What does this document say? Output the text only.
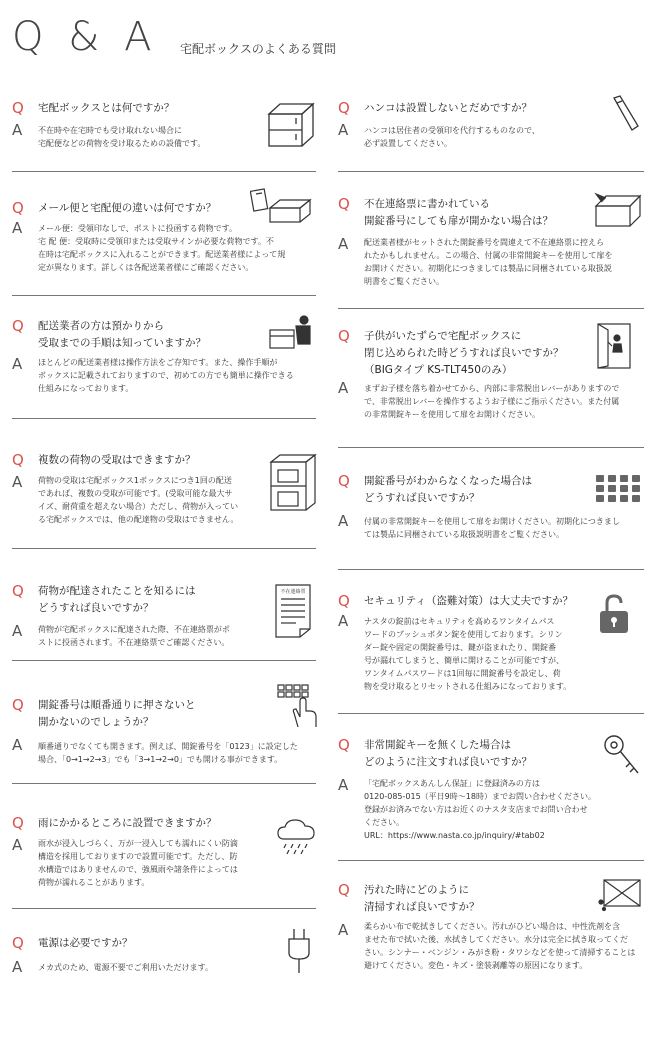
Q & A 宅配ボックスのよくある質問
Q 宅配ボックスとは何ですか？
A 不在時や在宅時でも受け取れない場合に
宅配便などの荷物を受け取るための設備です。
Q メール便と宅配便の違いは何ですか？
A メール便：受領印なしで、ポストに投函する荷物です。
宅 配 便：受取時に受領印または受取サインが必要な荷物です。不
在時は宅配ボックスに入れることができます。配送業者様によって規
定が異なります。詳しくは各配送業者様にご確認ください。
Q 配送業者の方は預かりから
受取までの手順は知っていますか？
A ほとんどの配送業者様は操作方法をご存知です。また、操作手順が
ボックスに記載されておりますので、初めての方でも簡単に操作できる
仕組みになっております。
Q 複数の荷物の受取はできますか？
A 荷物の受取は宅配ボックス1ボックスにつき1回の配送
であれば、複数の受取が可能です。(受取可能な最大サ
イズ、耐荷重を超えない場合）ただし、荷物が入ってい
る宅配ボックスでは、他の配達物の受取はできません。
Q 荷物が配達されたことを知るには
どうすれば良いですか？
A 荷物が宅配ボックスに配達された際、不在連絡票がポ
ストに投函されます。不在連絡票でご確認ください。
不在連絡票
Q 開錠番号は順番通りに押さないと
開かないのでしょうか？
A 順番通りでなくても開きます。例えば、開錠番号を「0123」に設定した
場合、「0→1→2→3」でも「3→1→2→0」でも開ける事ができます。
Q 雨にかかるところに設置できますか？
A 雨水が浸入しづらく、万が一浸入しても濡れにくい防滴
構造を採用しておりますので設置可能です。ただし、防
水構造ではありませんので、強風雨や諸条件によっては
荷物が濡れることがあります。
Q 電源は必要ですか？
A メカ式のため、電源不要でご利用いただけます。
Q ハンコは設置しないとだめですか？
A ハンコは居住者の受領印を代行するものなので、
必ず設置してください。
Q 不在連絡票に書かれている
開錠番号にしても扉が開かない場合は？
A 配送業者様がセットされた開錠番号を間違えて不在連絡票に控えら
れたかもしれません。この場合、付属の非常開錠キーを使用して扉を
お開けください。初期化につきましては製品に同梱されている取扱説
明書をご覧ください。
Q 子供がいたずらで宅配ボックスに
閉じ込められた時どうすれば良いですか？
（BIGタイプ KS-TLT450のみ）
A まずお子様を落ち着かせてから、内部に非常脱出レバーがありますので
で、非常脱出レバーを操作するようお子様にご指示ください。また付属
の非常開錠キーを使用して扉をお開けください。
Q 開錠番号がわからなくなった場合は
どうすれば良いですか？
A 付属の非常開錠キーを使用して扉をお開けください。初期化につきまし
ては製品に同梱されている取扱説明書をご覧ください。
Q セキュリティ（盗難対策）は大丈夫ですか？
A ナスタの錠前はセキュリティを高めるワンタイムパス
ワードのプッシュボタン錠を使用しております。シリン
ダー錠や固定の開錠番号は、鍵が盗まれたり、開錠番
号が漏れてしまうと、簡単に開けることが可能ですが、
ワンタイムパスワードは1回毎に開錠番号を設定し、荷
物を受け取るとリセットされる仕組みになっております。
Q 非常開錠キーを無くした場合は
どのように注文すれば良いですか？
A 「宅配ボックスあんしん保証」に登録済みの方は
0120-085-015（平日9時〜18時）までお問い合わせください。
登録がお済みでない方はお近くのナスタ支店までお問い合わせ
ください。
URL：https://www.nasta.co.jp/inquiry/#tab02
Q 汚れた時にどのように
清掃すれば良いですか？
A 柔らかい布で乾拭きしてください。汚れがひどい場合は、中性洗剤を含
ませた布で拭いた後、水拭きしてください。水分は完全に拭き取ってくだ
さい。シンナー・ベンジン・みがき粉・タワシなどを使って清掃することは
避けてください。変色・キズ・塗装剥離等の原因になります。
